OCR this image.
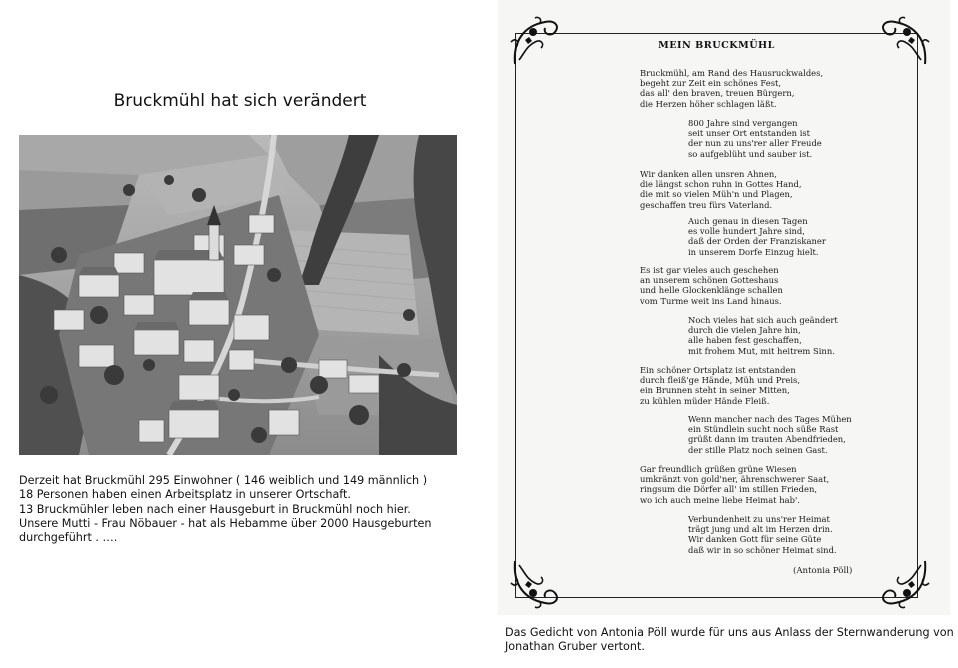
Bruckmühl hat sich verändert
Derzeit hat Bruckmühl 295 Einwohner ( 146 weiblich und 149 männlich )
18 Personen haben einen Arbeitsplatz in unserer Ortschaft.
13 Bruckmühler leben nach einer Hausgeburt in Bruckmühl noch hier.
Unsere Mutti - Frau Nöbauer - hat als Hebamme über 2000 Hausgeburten
durchgeführt . ….
MEIN BRUCKMÜHL
Bruckmühl, am Rand des Hausruckwaldes,
begeht zur Zeit ein schönes Fest,
das all' den braven, treuen Bürgern,
die Herzen höher schlagen läßt.
800 Jahre sind vergangen
seit unser Ort entstanden ist
der nun zu uns'rer aller Freude
so aufgeblüht und sauber ist.
Wir danken allen unsren Ahnen,
die längst schon ruhn in Gottes Hand,
die mit so vielen Müh'n und Plagen,
geschaffen treu fürs Vaterland.
Auch genau in diesen Tagen
es volle hundert Jahre sind,
daß der Orden der Franziskaner
in unserem Dorfe Einzug hielt.
Es ist gar vieles auch geschehen
an unserem schönen Gotteshaus
und helle Glockenklänge schallen
vom Turme weit ins Land hinaus.
Noch vieles hat sich auch geändert
durch die vielen Jahre hin,
alle haben fest geschaffen,
mit frohem Mut, mit heitrem Sinn.
Ein schöner Ortsplatz ist entstanden
durch fleiß'ge Hände, Müh und Preis,
ein Brunnen steht in seiner Mitten,
zu kühlen müder Hände Fleiß.
Wenn mancher nach des Tages Mühen
ein Stündlein sucht noch süße Rast
grüßt dann im trauten Abendfrieden,
der stille Platz noch seinen Gast.
Gar freundlich grüßen grüne Wiesen
umkränzt von gold'ner, ährenschwerer Saat,
ringsum die Dörfer all' im stillen Frieden,
wo ich auch meine liebe Heimat hab'.
Verbundenheit zu uns'rer Heimat
trägt jung und alt im Herzen drin.
Wir danken Gott für seine Güte
daß wir in so schöner Heimat sind.
(Antonia Pöll)
Das Gedicht von Antonia Pöll wurde für uns aus Anlass der Sternwanderung von
Jonathan Gruber vertont.
